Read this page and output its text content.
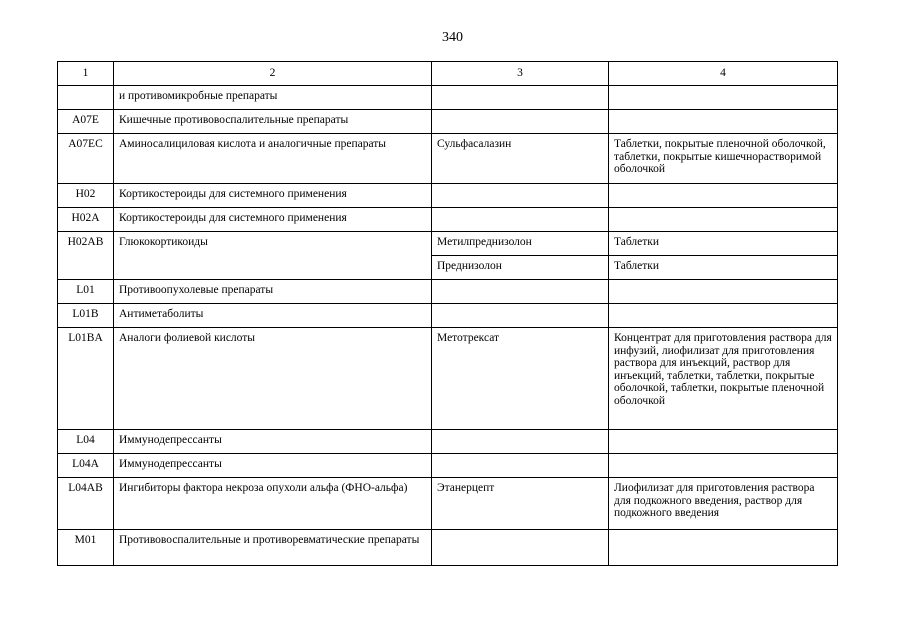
340
1	2	3	4
	и противомикробные препараты		
A07E	Кишечные противовоспалительные препараты		
A07EC	Аминосалициловая кислота и аналогичные препараты	Сульфасалазин	Таблетки, покрытые пленочной оболочкой, таблетки, покрытые кишечнорастворимой оболочкой
H02	Кортикостероиды для системного применения		
H02A	Кортикостероиды для системного применения		
H02AB	Глюкокортикоиды	Метилпреднизолон	Таблетки
		Преднизолон	Таблетки
L01	Противоопухолевые препараты		
L01B	Антиметаболиты		
L01BA	Аналоги фолиевой кислоты	Метотрексат	Концентрат для приготовления раствора для инфузий, лиофилизат для приготовления раствора для инъекций, раствор для инъекций, таблетки, таблетки, покрытые оболочкой, таблетки, покрытые пленочной оболочкой
L04	Иммунодепрессанты		
L04A	Иммунодепрессанты		
L04AB	Ингибиторы фактора некроза опухоли альфа (ФНО-альфа)	Этанерцепт	Лиофилизат для приготовления раствора для подкожного введения, раствор для подкожного введения
M01	Противовоспалительные и противоревматические препараты		
